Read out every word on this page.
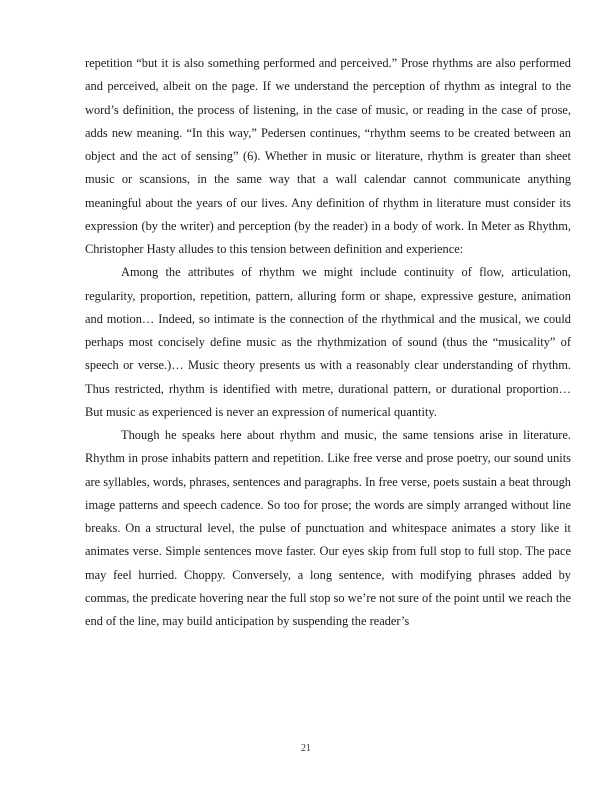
repetition “but it is also something performed and perceived.” Prose rhythms are also performed and perceived, albeit on the page. If we understand the perception of rhythm as integral to the word’s definition, the process of listening, in the case of music, or reading in the case of prose, adds new meaning. “In this way,” Pedersen continues, “rhythm seems to be created between an object and the act of sensing” (6). Whether in music or literature, rhythm is greater than sheet music or scansions, in the same way that a wall calendar cannot communicate anything meaningful about the years of our lives. Any definition of rhythm in literature must consider its expression (by the writer) and perception (by the reader) in a body of work. In Meter as Rhythm, Christopher Hasty alludes to this tension between definition and experience:

Among the attributes of rhythm we might include continuity of flow, articulation, regularity, proportion, repetition, pattern, alluring form or shape, expressive gesture, animation and motion… Indeed, so intimate is the connection of the rhythmical and the musical, we could perhaps most concisely define music as the rhythmization of sound (thus the “musicality” of speech or verse.)… Music theory presents us with a reasonably clear understanding of rhythm. Thus restricted, rhythm is identified with metre, durational pattern, or durational proportion… But music as experienced is never an expression of numerical quantity.

Though he speaks here about rhythm and music, the same tensions arise in literature. Rhythm in prose inhabits pattern and repetition. Like free verse and prose poetry, our sound units are syllables, words, phrases, sentences and paragraphs. In free verse, poets sustain a beat through image patterns and speech cadence. So too for prose; the words are simply arranged without line breaks. On a structural level, the pulse of punctuation and whitespace animates a story like it animates verse. Simple sentences move faster. Our eyes skip from full stop to full stop. The pace may feel hurried. Choppy. Conversely, a long sentence, with modifying phrases added by commas, the predicate hovering near the full stop so we’re not sure of the point until we reach the end of the line, may build anticipation by suspending the reader’s

21
